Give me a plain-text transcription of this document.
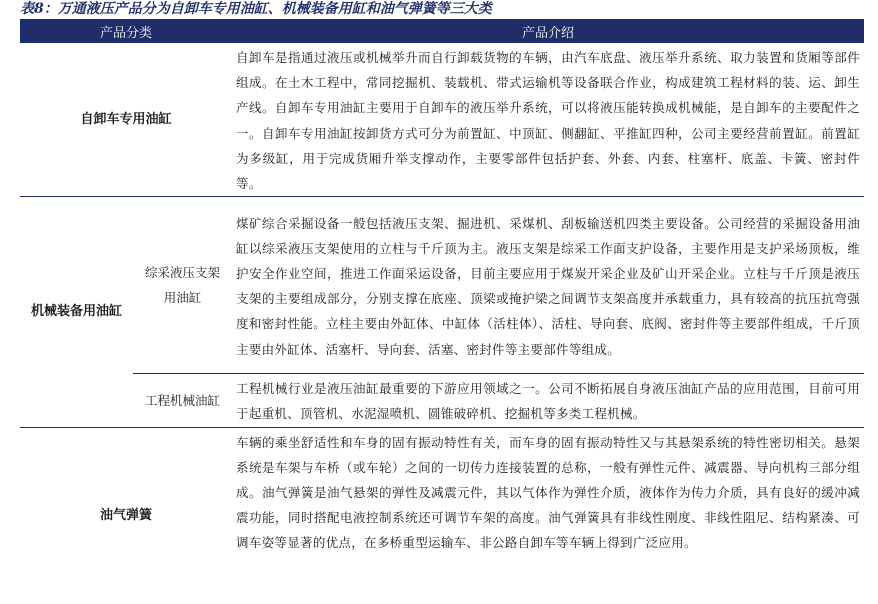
表8：万通液压产品分为自卸车专用油缸、机械装备用缸和油气弹簧等三大类
产品分类		产品介绍
自卸车专用油缸		自卸车是指通过液压或机械举升而自行卸载货物的车辆，由汽车底盘、液压举升系统、取力装置和货厢等部件组成。在土木工程中，常同挖掘机、装载机、带式运输机等设备联合作业，构成建筑工程材料的装、运、卸生产线。自卸车专用油缸主要用于自卸车的液压举升系统，可以将液压能转换成机械能，是自卸车的主要配件之一。自卸车专用油缸按卸货方式可分为前置缸、中顶缸、侧翻缸、平推缸四种，公司主要经营前置缸。前置缸为多级缸，用于完成货厢升举支撑动作，主要零部件包括护套、外套、内套、柱塞杆、底盖、卡簧、密封件等。
机械装备用油缸	综采液压支架用油缸	煤矿综合采掘设备一般包括液压支架、掘进机、采煤机、刮板输送机四类主要设备。公司经营的采掘设备用油缸以综采液压支架使用的立柱与千斤顶为主。液压支架是综采工作面支护设备，主要作用是支护采场顶板，维护安全作业空间，推进工作面采运设备，目前主要应用于煤炭开采企业及矿山开采企业。立柱与千斤顶是液压支架的主要组成部分，分别支撑在底座、顶梁或掩护梁之间调节支架高度并承载重力，具有较高的抗压抗弯强度和密封性能。立柱主要由外缸体、中缸体（活柱体）、活柱、导向套、底阀、密封件等主要部件组成，千斤顶主要由外缸体、活塞杆、导向套、活塞、密封件等主要部件等组成。
	工程机械油缸	工程机械行业是液压油缸最重要的下游应用领域之一。公司不断拓展自身液压油缸产品的应用范围，目前可用于起重机、顶管机、水泥湿喷机、圆锥破碎机、挖掘机等多类工程机械。
油气弹簧		车辆的乘坐舒适性和车身的固有振动特性有关，而车身的固有振动特性又与其悬架系统的特性密切相关。悬架系统是车架与车桥（或车轮）之间的一切传力连接装置的总称，一般有弹性元件、减震器、导向机构三部分组成。油气弹簧是油气悬架的弹性及减震元件，其以气体作为弹性介质，液体作为传力介质，具有良好的缓冲减震功能，同时搭配电液控制系统还可调节车架的高度。油气弹簧具有非线性刚度、非线性阻尼、结构紧凑、可调车姿等显著的优点，在多桥重型运输车、非公路自卸车等车辆上得到广泛应用。
